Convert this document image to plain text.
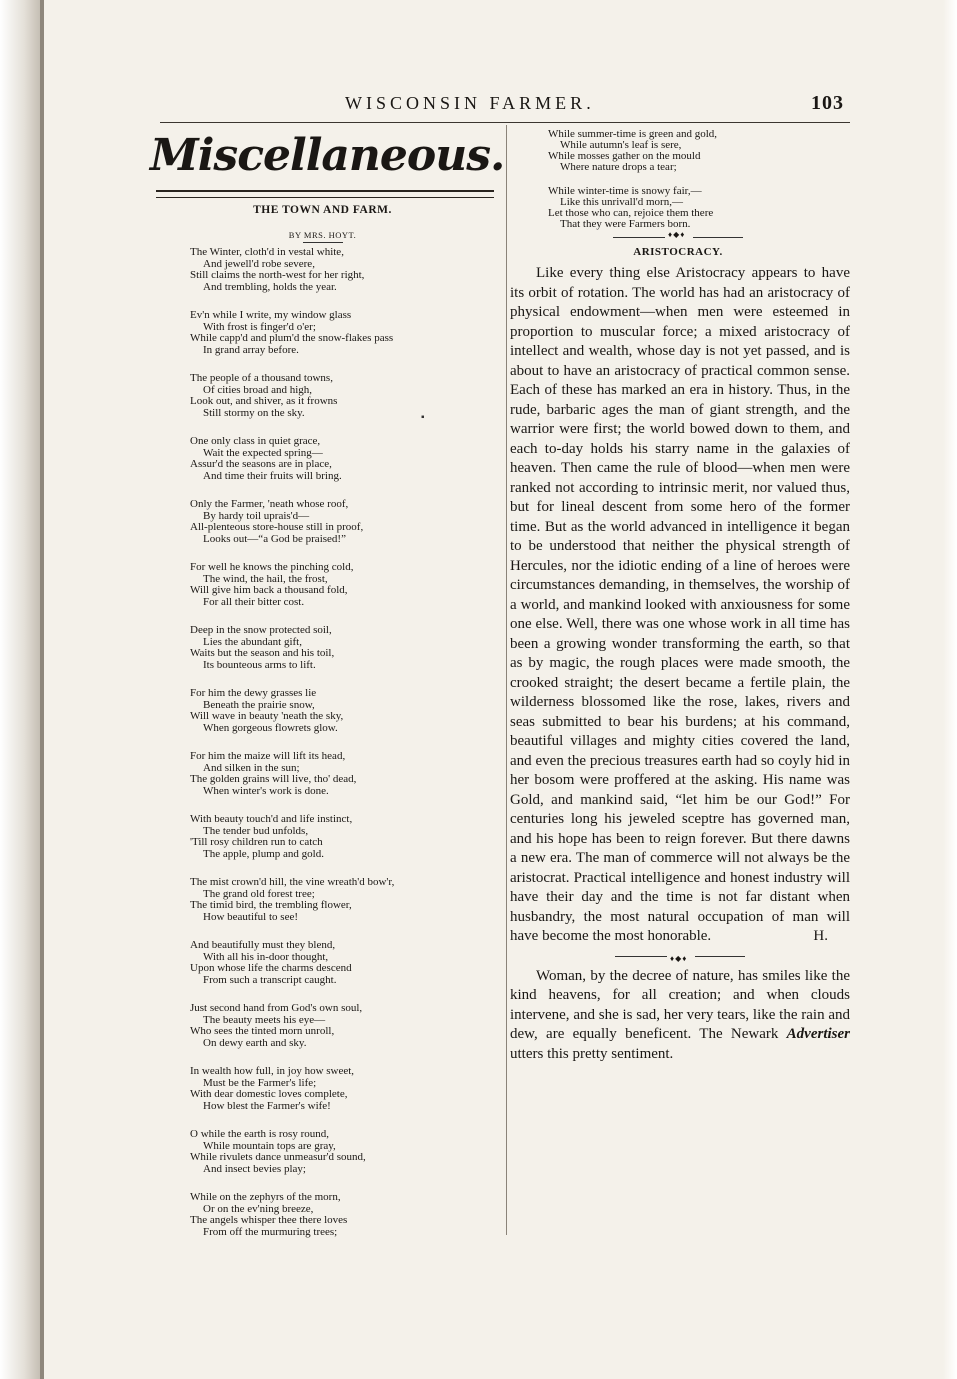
WISCONSIN FARMER.	103
Miscellaneous.
THE TOWN AND FARM.
BY MRS. HOYT.
The Winter, cloth'd in vestal white,
And jewell'd robe severe,
Still claims the north-west for her right,
And trembling, holds the year.
Ev'n while I write, my window glass
With frost is finger'd o'er;
While capp'd and plum'd the snow-flakes pass
In grand array before.
The people of a thousand towns,
Of cities broad and high,
Look out, and shiver, as it frowns
Still stormy on the sky.
One only class in quiet grace,
Wait the expected spring—
Assur'd the seasons are in place,
And time their fruits will bring.
Only the Farmer, 'neath whose roof,
By hardy toil uprais'd—
All-plenteous store-house still in proof,
Looks out—“a God be praised!”
For well he knows the pinching cold,
The wind, the hail, the frost,
Will give him back a thousand fold,
For all their bitter cost.
Deep in the snow protected soil,
Lies the abundant gift,
Waits but the season and his toil,
Its bounteous arms to lift.
For him the dewy grasses lie
Beneath the prairie snow,
Will wave in beauty 'neath the sky,
When gorgeous flowrets glow.
For him the maize will lift its head,
And silken in the sun;
The golden grains will live, tho' dead,
When winter's work is done.
With beauty touch'd and life instinct,
The tender bud unfolds,
'Till rosy children run to catch
The apple, plump and gold.
The mist crown'd hill, the vine wreath'd bow'r,
The grand old forest tree;
The timid bird, the trembling flower,
How beautiful to see!
And beautifully must they blend,
With all his in-door thought,
Upon whose life the charms descend
From such a transcript caught.
Just second hand from God's own soul,
The beauty meets his eye—
Who sees the tinted morn unroll,
On dewy earth and sky.
In wealth how full, in joy how sweet,
Must be the Farmer's life;
With dear domestic loves complete,
How blest the Farmer's wife!
O while the earth is rosy round,
While mountain tops are gray,
While rivulets dance unmeasur'd sound,
And insect bevies play;
While on the zephyrs of the morn,
Or on the ev'ning breeze,
The angels whisper thee there loves
From off the murmuring trees;
While summer-time is green and gold,
While autumn's leaf is sere,
While mosses gather on the mould
Where nature drops a tear;
While winter-time is snowy fair,—
Like this unrivall'd morn,—
Let those who can, rejoice them there
That they were Farmers born.
♦◆♦
ARISTOCRACY.

Like every thing else Aristocracy appears to have its orbit of rotation. The world has had an aristocracy of physical endowment—when men were esteemed in proportion to muscular force; a mixed aristocracy of intellect and wealth, whose day is not yet passed, and is about to have an aristocracy of practical common sense. Each of these has marked an era in history. Thus, in the rude, barbaric ages the man of giant strength, and the warrior were first; the world bowed down to them, and each to-day holds his starry name in the galaxies of heaven. Then came the rule of blood—when men were ranked not according to intrinsic merit, nor valued thus, but for lineal descent from some hero of the former time. But as the world advanced in intelligence it began to be understood that neither the physical strength of Hercules, nor the idiotic ending of a line of heroes were circumstances demanding, in themselves, the worship of a world, and mankind looked with anxiousness for some one else. Well, there was one whose work in all time has been a growing wonder transforming the earth, so that as by magic, the rough places were made smooth, the crooked straight; the desert became a fertile plain, the wilderness blossomed like the rose, lakes, rivers and seas submitted to bear his burdens; at his command, beautiful villages and mighty cities covered the land, and even the precious treasures earth had so coyly hid in her bosom were proffered at the asking. His name was Gold, and mankind said, “let him be our God!” For centuries long his jeweled sceptre has governed man, and his hope has been to reign forever. But there dawns a new era. The man of commerce will not always be the aristocrat. Practical intelligence and honest industry will have their day and the time is not far distant when husbandry, the most natural occupation of man will have become the most honorable.	H.
♦◆♦

Woman, by the decree of nature, has smiles like the kind heavens, for all creation; and when clouds intervene, and she is sad, her very tears, like the rain and dew, are equally beneficent. The Newark Advertiser utters this pretty sentiment.

▪
